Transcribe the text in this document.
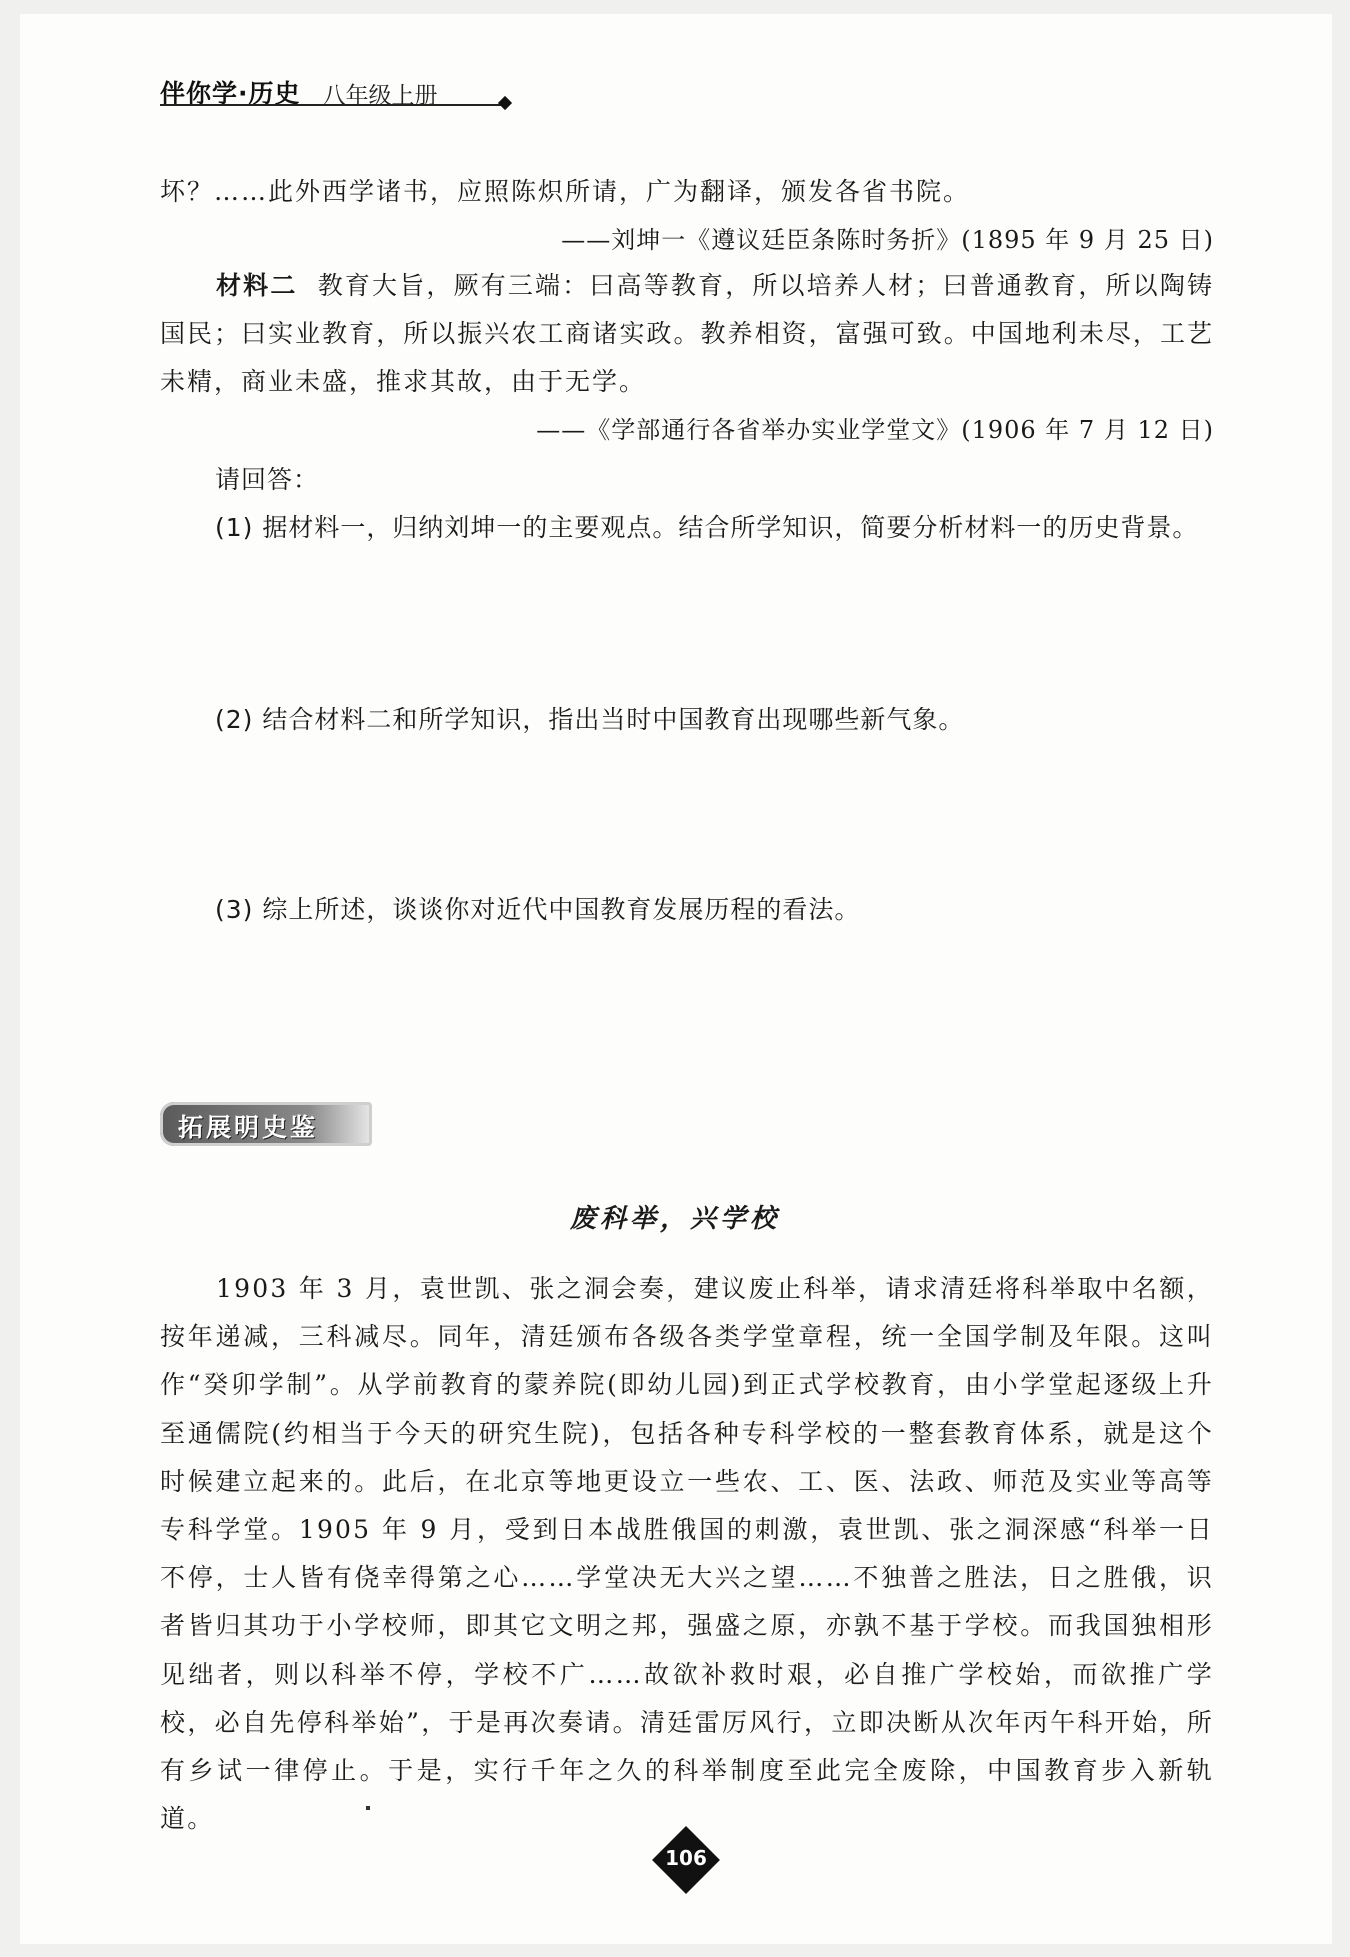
伴你学·历史 八年级上册
坏？……此外西学诸书，应照陈炽所请，广为翻译，颁发各省书院。
——刘坤一《遵议廷臣条陈时务折》(1895 年 9 月 25 日)
材料二 教育大旨，厥有三端：曰高等教育，所以培养人材；曰普通教育，所以陶铸国民；曰实业教育，所以振兴农工商诸实政。教养相资，富强可致。中国地利未尽，工艺未精，商业未盛，推求其故，由于无学。
——《学部通行各省举办实业学堂文》(1906 年 7 月 12 日)
请回答：
(1) 据材料一，归纳刘坤一的主要观点。结合所学知识，简要分析材料一的历史背景。
(2) 结合材料二和所学知识，指出当时中国教育出现哪些新气象。
(3) 综上所述，谈谈你对近代中国教育发展历程的看法。
拓展明史鉴
废科举，兴学校
1903 年 3 月，袁世凯、张之洞会奏，建议废止科举，请求清廷将科举取中名额，按年递减，三科减尽。同年，清廷颁布各级各类学堂章程，统一全国学制及年限。这叫作“癸卯学制”。从学前教育的蒙养院(即幼儿园)到正式学校教育，由小学堂起逐级上升至通儒院(约相当于今天的研究生院)，包括各种专科学校的一整套教育体系，就是这个时候建立起来的。此后，在北京等地更设立一些农、工、医、法政、师范及实业等高等专科学堂。1905 年 9 月，受到日本战胜俄国的刺激，袁世凯、张之洞深感“科举一日不停，士人皆有侥幸得第之心……学堂决无大兴之望……不独普之胜法，日之胜俄，识者皆归其功于小学校师，即其它文明之邦，强盛之原，亦孰不基于学校。而我国独相形见绌者，则以科举不停，学校不广……故欲补救时艰，必自推广学校始，而欲推广学校，必自先停科举始”，于是再次奏请。清廷雷厉风行，立即决断从次年丙午科开始，所有乡试一律停止。于是，实行千年之久的科举制度至此完全废除，中国教育步入新轨道。
106
